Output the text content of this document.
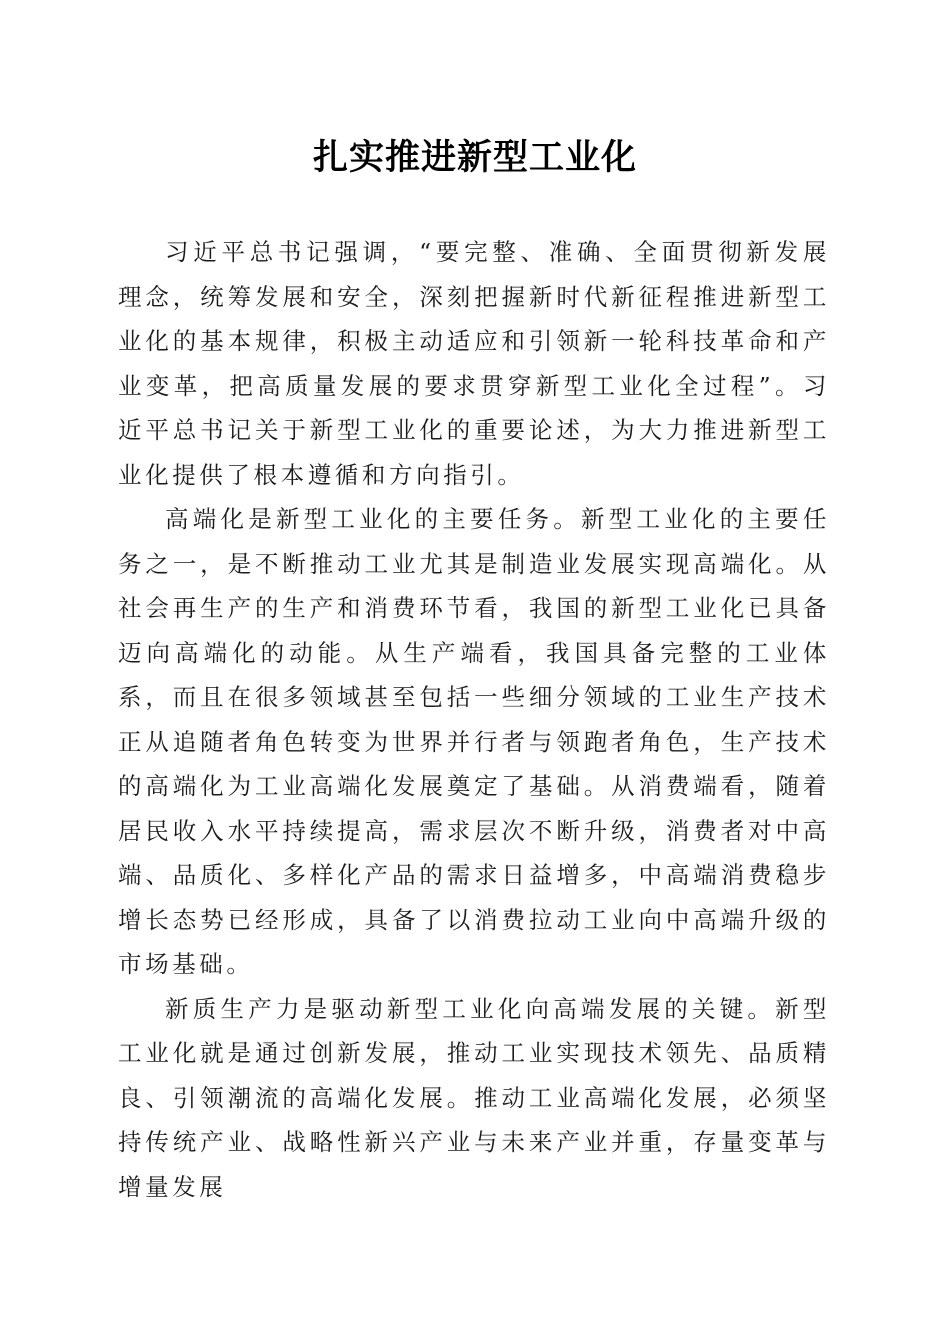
扎实推进新型工业化

习近平总书记强调，“要完整、准确、全面贯彻新发展理念，统筹发展和安全，深刻把握新时代新征程推进新型工业化的基本规律，积极主动适应和引领新一轮科技革命和产业变革，把高质量发展的要求贯穿新型工业化全过程”。习近平总书记关于新型工业化的重要论述，为大力推进新型工业化提供了根本遵循和方向指引。

高端化是新型工业化的主要任务。新型工业化的主要任务之一，是不断推动工业尤其是制造业发展实现高端化。从社会再生产的生产和消费环节看，我国的新型工业化已具备迈向高端化的动能。从生产端看，我国具备完整的工业体系，而且在很多领域甚至包括一些细分领域的工业生产技术正从追随者角色转变为世界并行者与领跑者角色，生产技术的高端化为工业高端化发展奠定了基础。从消费端看，随着居民收入水平持续提高，需求层次不断升级，消费者对中高端、品质化、多样化产品的需求日益增多，中高端消费稳步增长态势已经形成，具备了以消费拉动工业向中高端升级的市场基础。

新质生产力是驱动新型工业化向高端发展的关键。新型工业化就是通过创新发展，推动工业实现技术领先、品质精良、引领潮流的高端化发展。推动工业高端化发展，必须坚持传统产业、战略性新兴产业与未来产业并重，存量变革与增量发展
